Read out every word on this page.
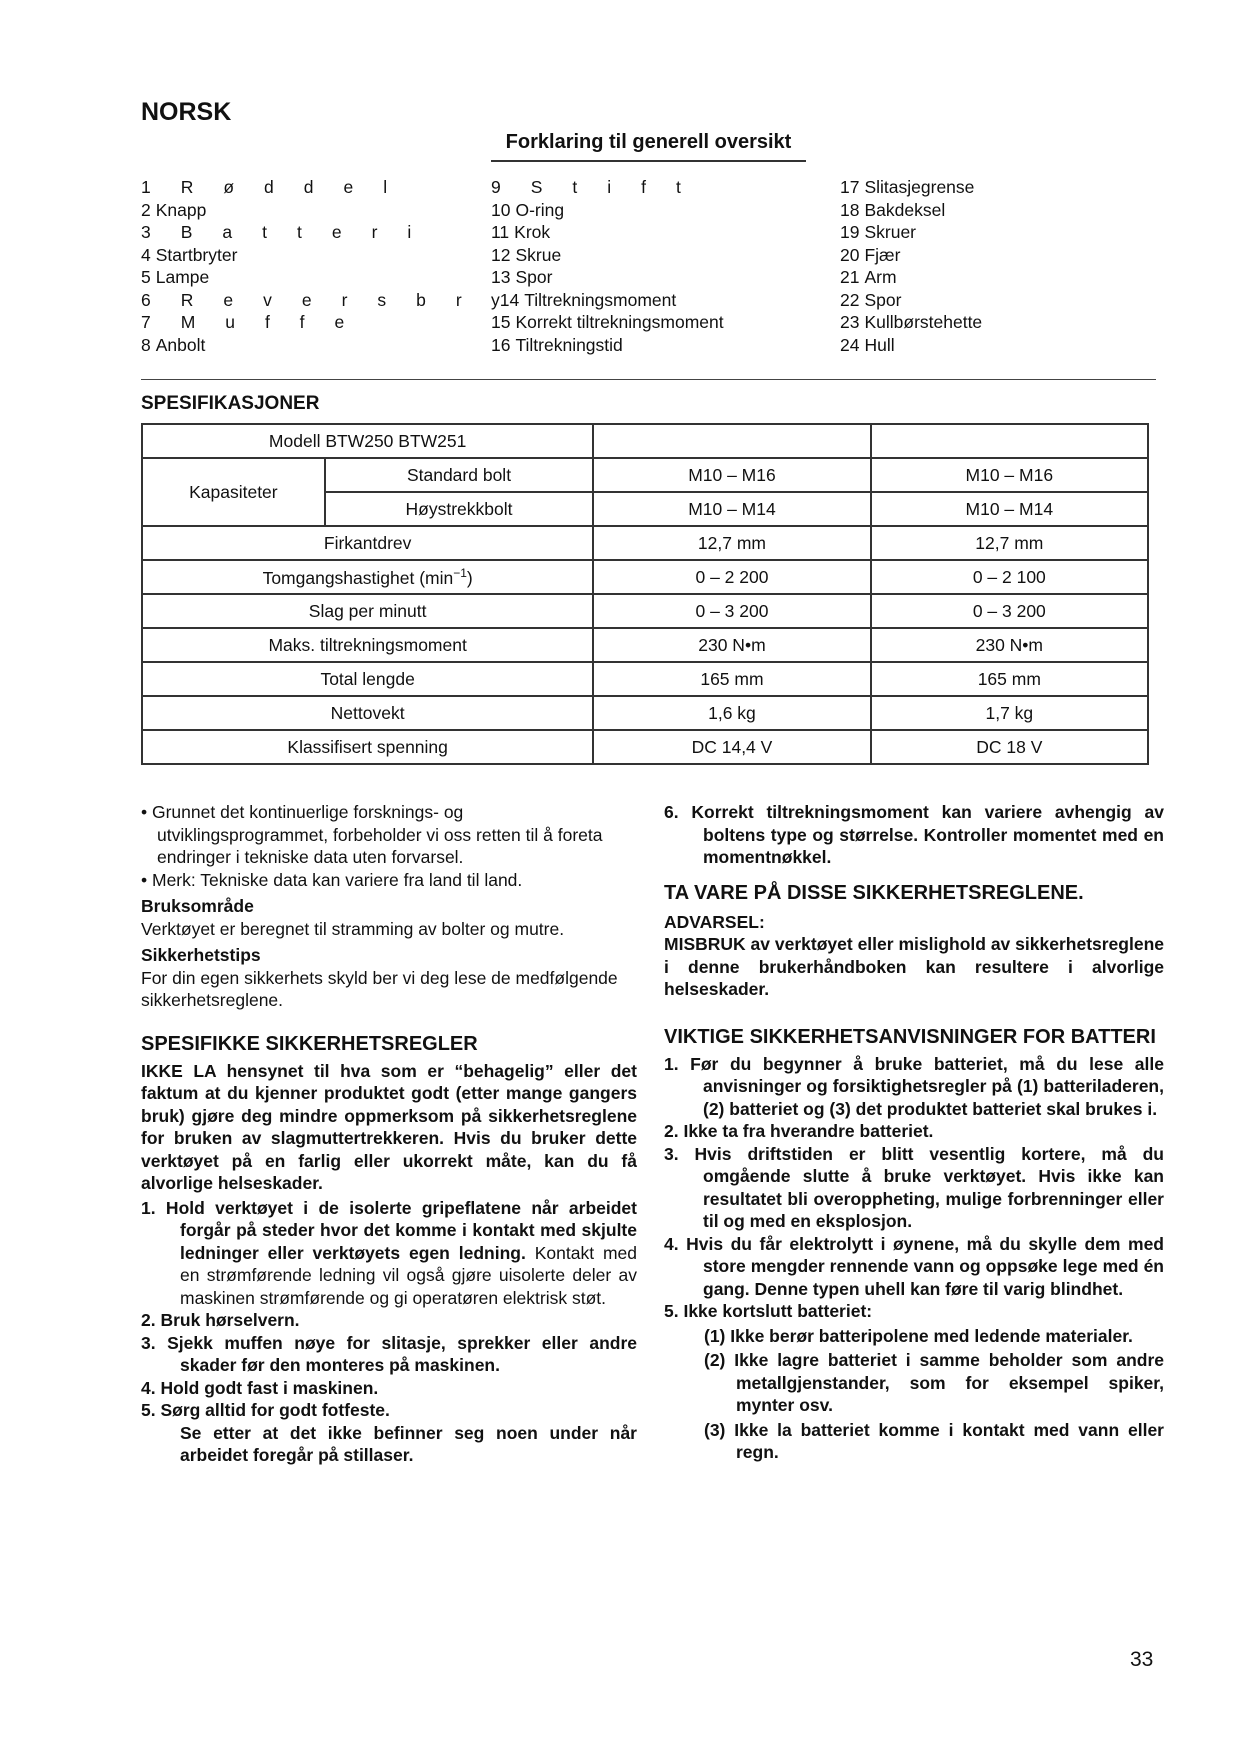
NORSK
Forklaring til generell oversikt
1Røddel
2 Knapp
3Batteri
4 Startbryter
5 Lampe
6Reversbr
7Muffe
8 Anbolt
9Stift
10 O-ring
11 Krok
12 Skrue
13 Spor
y14 Tiltrekningsmoment
15 Korrekt tiltrekningsmoment
16 Tiltrekningstid
17 Slitasjegrense
18 Bakdeksel
19 Skruer
20 Fjær
21 Arm
22 Spor
23 Kullbørstehette
24 Hull
SPESIFIKASJONER
Modell BTW250 BTW251			
Kapasiteter	Standard bolt	M10 – M16	M10 – M16
	Høystrekkbolt	M10 – M14	M10 – M14
Firkantdrev		12,7 mm	12,7 mm
Tomgangshastighet $(\min^{-1})$		0 – 2 200	0 – 2 100
Slag per minutt		0 – 3 200	0 – 3 200
Maks. tiltrekningsmoment		230 N•m	230 N•m
Total lengde		165 mm	165 mm
Nettovekt		1,6 kg	1,7 kg
Klassifisert spenning		DC 14,4 V	DC 18 V

• Grunnet det kontinuerlige forsknings- og utviklingsprogrammet, forbeholder vi oss retten til å foreta endringer i tekniske data uten forvarsel.

• Merk: Tekniske data kan variere fra land til land.

Bruksområde

Verktøyet er beregnet til stramming av bolter og mutre.

Sikkerhetstips

For din egen sikkerhets skyld ber vi deg lese de medfølgende sikkerhetsreglene.

SPESIFIKKE SIKKERHETSREGLER

IKKE LA hensynet til hva som er “behagelig” eller det faktum at du kjenner produktet godt (etter mange gangers bruk) gjøre deg mindre oppmerksom på sikkerhetsreglene for bruken av slagmuttertrekkeren. Hvis du bruker dette verktøyet på en farlig eller ukorrekt måte, kan du få alvorlige helseskader.

1. Hold verktøyet i de isolerte gripeflatene når arbeidet forgår på steder hvor det komme i kontakt med skjulte ledninger eller verktøyets egen ledning. Kontakt med en strømførende ledning vil også gjøre uisolerte deler av maskinen strømførende og gi operatøren elektrisk støt.

2. Bruk hørselvern.

3. Sjekk muffen nøye for slitasje, sprekker eller andre skader før den monteres på maskinen.

4. Hold godt fast i maskinen.

5. Sørg alltid for godt fotfeste.

Se etter at det ikke befinner seg noen under når arbeidet foregår på stillaser.

6. Korrekt tiltrekningsmoment kan variere avhengig av boltens type og størrelse. Kontroller momentet med en momentnøkkel.

TA VARE PÅ DISSE SIKKERHETSREGLENE.

ADVARSEL:

MISBRUK av verktøyet eller mislighold av sikkerhetsreglene i denne brukerhåndboken kan resultere i alvorlige helseskader.

VIKTIGE SIKKERHETSANVISNINGER FOR BATTERI

1. Før du begynner å bruke batteriet, må du lese alle anvisninger og forsiktighetsregler på (1) batteriladeren, (2) batteriet og (3) det produktet batteriet skal brukes i.

2. Ikke ta fra hverandre batteriet.

3. Hvis driftstiden er blitt vesentlig kortere, må du omgående slutte å bruke verktøyet. Hvis ikke kan resultatet bli overoppheting, mulige forbrenninger eller til og med en eksplosjon.

4. Hvis du får elektrolytt i øynene, må du skylle dem med store mengder rennende vann og oppsøke lege med én gang. Denne typen uhell kan føre til varig blindhet.

5. Ikke kortslutt batteriet:

(1) Ikke berør batteripolene med ledende materialer.

(2) Ikke lagre batteriet i samme beholder som andre metallgjenstander, som for eksempel spiker, mynter osv.

(3) Ikke la batteriet komme i kontakt med vann eller regn.

33
